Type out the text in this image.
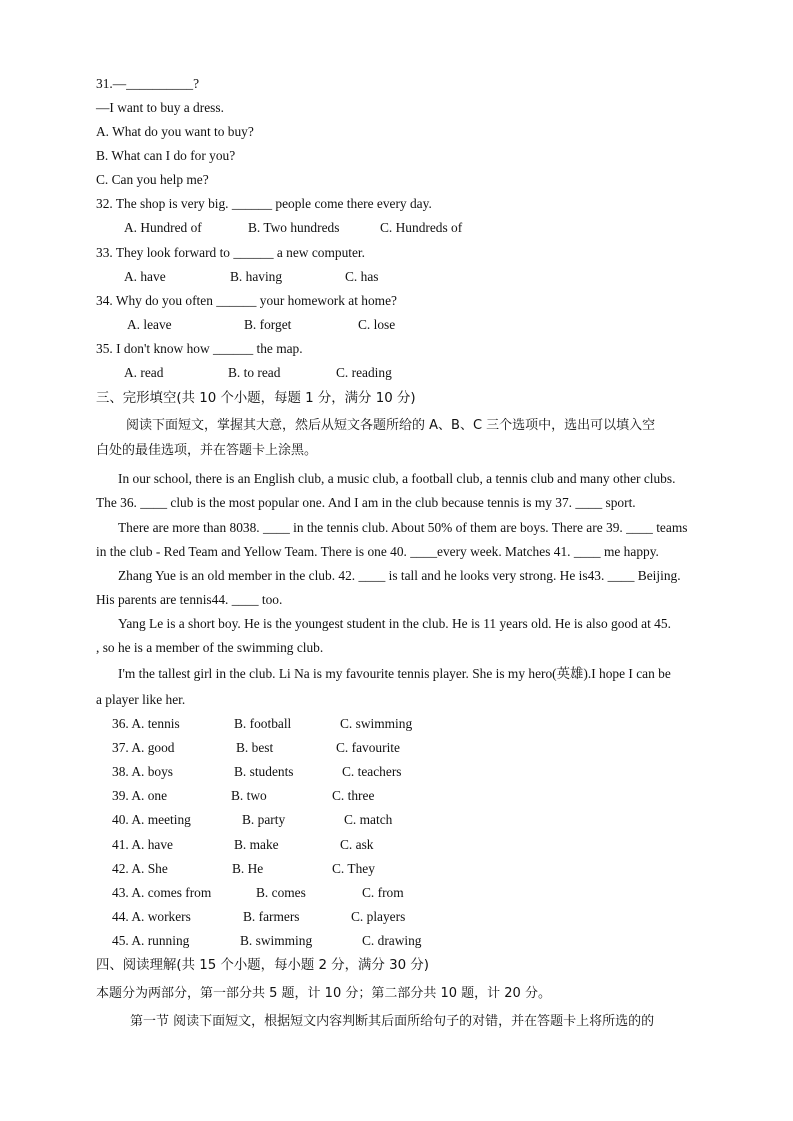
31.—__________?
—I want to buy a dress.
A. What do you want to buy?
B. What can I do for you?
C. Can you help me?
32. The shop is very big. ______ people come there every day.
A. Hundred of	B. Two hundreds	C. Hundreds of
33. They look forward to ______ a new computer.
A. have	B. having	C. has
34. Why do you often ______ your homework at home?
A. leave	B. forget	C. lose
35. I don't know how ______ the map.
A. read	B. to read	C. reading
三、完形填空(共 10 个小题，每题 1 分，满分 10 分)
阅读下面短文，掌握其大意，然后从短文各题所给的 A、B、C 三个选项中，选出可以填入空
白处的最佳选项，并在答题卡上涂黑。
In our school, there is an English club, a music club, a football club, a tennis club and many other clubs.
The 36. ____ club is the most popular one. And I am in the club because tennis is my 37. ____ sport.
There are more than 8038. ____ in the tennis club. About 50% of them are boys. There are 39. ____ teams
in the club - Red Team and Yellow Team. There is one 40. ____every week. Matches 41. ____ me happy.
Zhang Yue is an old member in the club. 42. ____ is tall and he looks very strong. He is43. ____ Beijing.
His parents are tennis44. ____ too.
Yang Le is a short boy. He is the youngest student in the club. He is 11 years old. He is also good at 45.
, so he is a member of the swimming club.
I'm the tallest girl in the club. Li Na is my favourite tennis player. She is my hero(英雄).I hope I can be
a player like her.
36. A. tennis	B. football	C. swimming
37. A. good	B. best	C. favourite
38. A. boys	B. students	C. teachers
39. A. one	B. two	C. three
40. A. meeting	B. party	C. match
41. A. have	B. make	C. ask
42. A. She	B. He	C. They
43. A. comes from	B. comes	C. from
44. A. workers	B. farmers	C. players
45. A. running	B. swimming	C. drawing
四、阅读理解(共 15 个小题，每小题 2 分，满分 30 分)
本题分为两部分，第一部分共 5 题，计 10 分；第二部分共 10 题，计 20 分。
第一节 阅读下面短文，根据短文内容判断其后面所给句子的对错，并在答题卡上将所选的的
